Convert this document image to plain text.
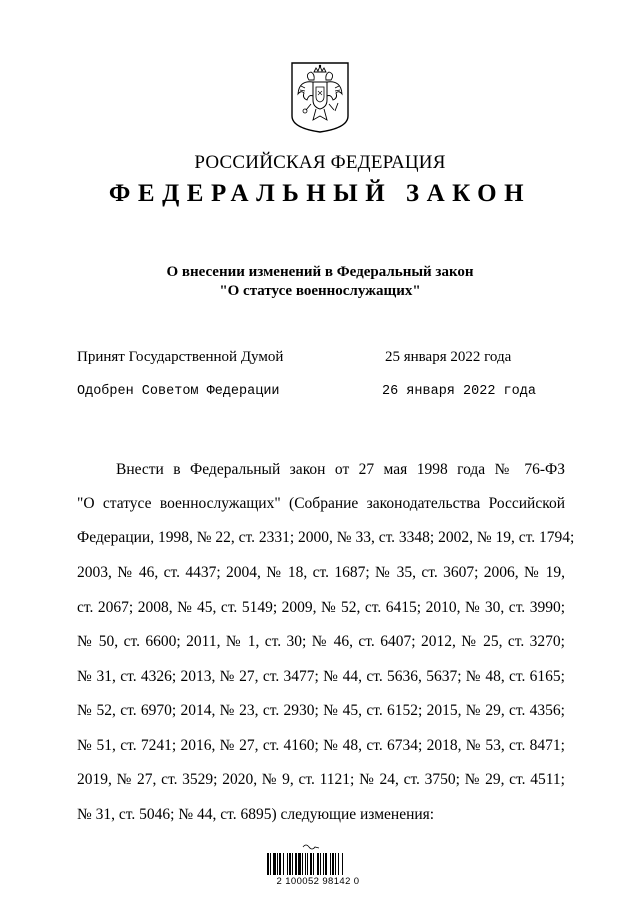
РОССИЙСКАЯ ФЕДЕРАЦИЯ
ФЕДЕРАЛЬНЫЙ ЗАКОН
О внесении изменений в Федеральный закон
"О статусе военнослужащих"
Принят Государственной Думой	25 января 2022 года
Одобрен Советом Федерации	26 января 2022 года
Внести в Федеральный закон от 27 мая 1998 года № 76-ФЗ
"О статусе военнослужащих" (Собрание законодательства Российской
Федерации, 1998, № 22, ст. 2331; 2000, № 33, ст. 3348; 2002, № 19, ст. 1794;
2003, № 46, ст. 4437; 2004, № 18, ст. 1687; № 35, ст. 3607; 2006, № 19,
ст. 2067; 2008, № 45, ст. 5149; 2009, № 52, ст. 6415; 2010, № 30, ст. 3990;
№ 50, ст. 6600; 2011, № 1, ст. 30; № 46, ст. 6407; 2012, № 25, ст. 3270;
№ 31, ст. 4326; 2013, № 27, ст. 3477; № 44, ст. 5636, 5637; № 48, ст. 6165;
№ 52, ст. 6970; 2014, № 23, ст. 2930; № 45, ст. 6152; 2015, № 29, ст. 4356;
№ 51, ст. 7241; 2016, № 27, ст. 4160; № 48, ст. 6734; 2018, № 53, ст. 8471;
2019, № 27, ст. 3529; 2020, № 9, ст. 1121; № 24, ст. 3750; № 29, ст. 4511;
№ 31, ст. 5046; № 44, ст. 6895) следующие изменения:
2 100052 98142 0
